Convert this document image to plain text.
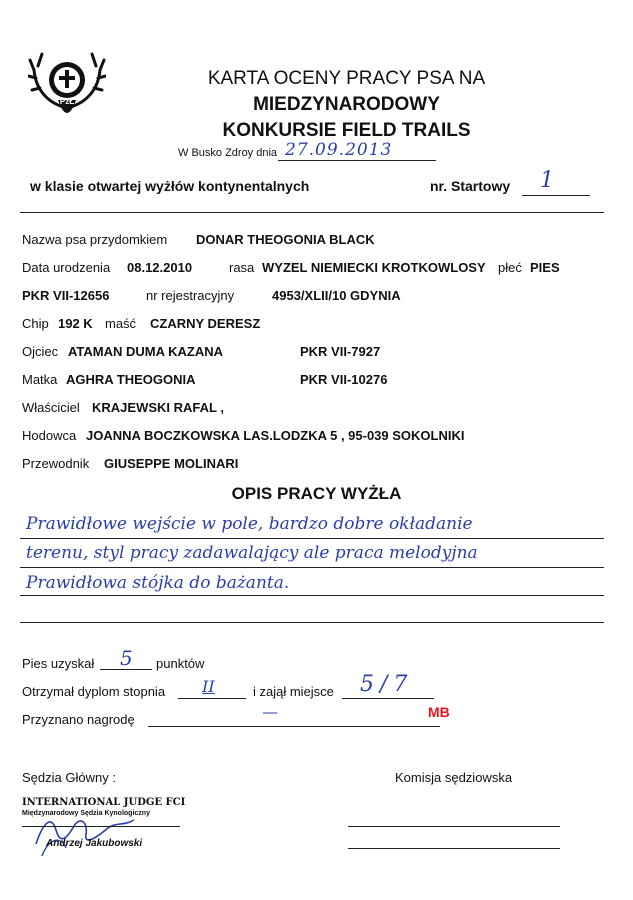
PzŁ
KARTA OCENY PRACY PSA NA
MIEDZYNARODOWY
KONKURSIE FIELD TRAILS
W Busko Zdroy dnia 27.09.2013
w klasie otwartej wyżłów kontynentalnych	nr. Startowy 1
Nazwa psa przydomkiem DONAR THEOGONIA BLACK
Data urodzenia 08.12.2010	rasa WYZEL NIEMIECKI KROTKOWLOSY płeć PIES
PKR VII-12656	nr rejestracyjny	4953/XLII/10 GDYNIA
Chip 192 K maść CZARNY DERESZ
Ojciec ATAMAN DUMA KAZANA	PKR VII-7927
Matka AGHRA THEOGONIA	PKR VII-10276
Właściciel KRAJEWSKI RAFAL ,
Hodowca JOANNA BOCZKOWSKA LAS.LODZKA 5 , 95-039 SOKOLNIKI
Przewodnik GIUSEPPE MOLINARI
OPIS PRACY WYŻŁA
Prawidłowe wejście w pole, bardzo dobre okładanie
terenu, styl pracy zadawalający ale praca melodyjna
Prawidłowa stójka do bażanta.
Pies uzyskał 5 punktów
Otrzymał dyplom stopnia II	i zajął miejsce 5/7
Przyznano nagrodę	—	MB
Sędzia Główny :	Komisja sędziowska
INTERNATIONAL JUDGE FCI
Międzynarodowy Sędzia Kynologiczny
Andrzej Jakubowski
